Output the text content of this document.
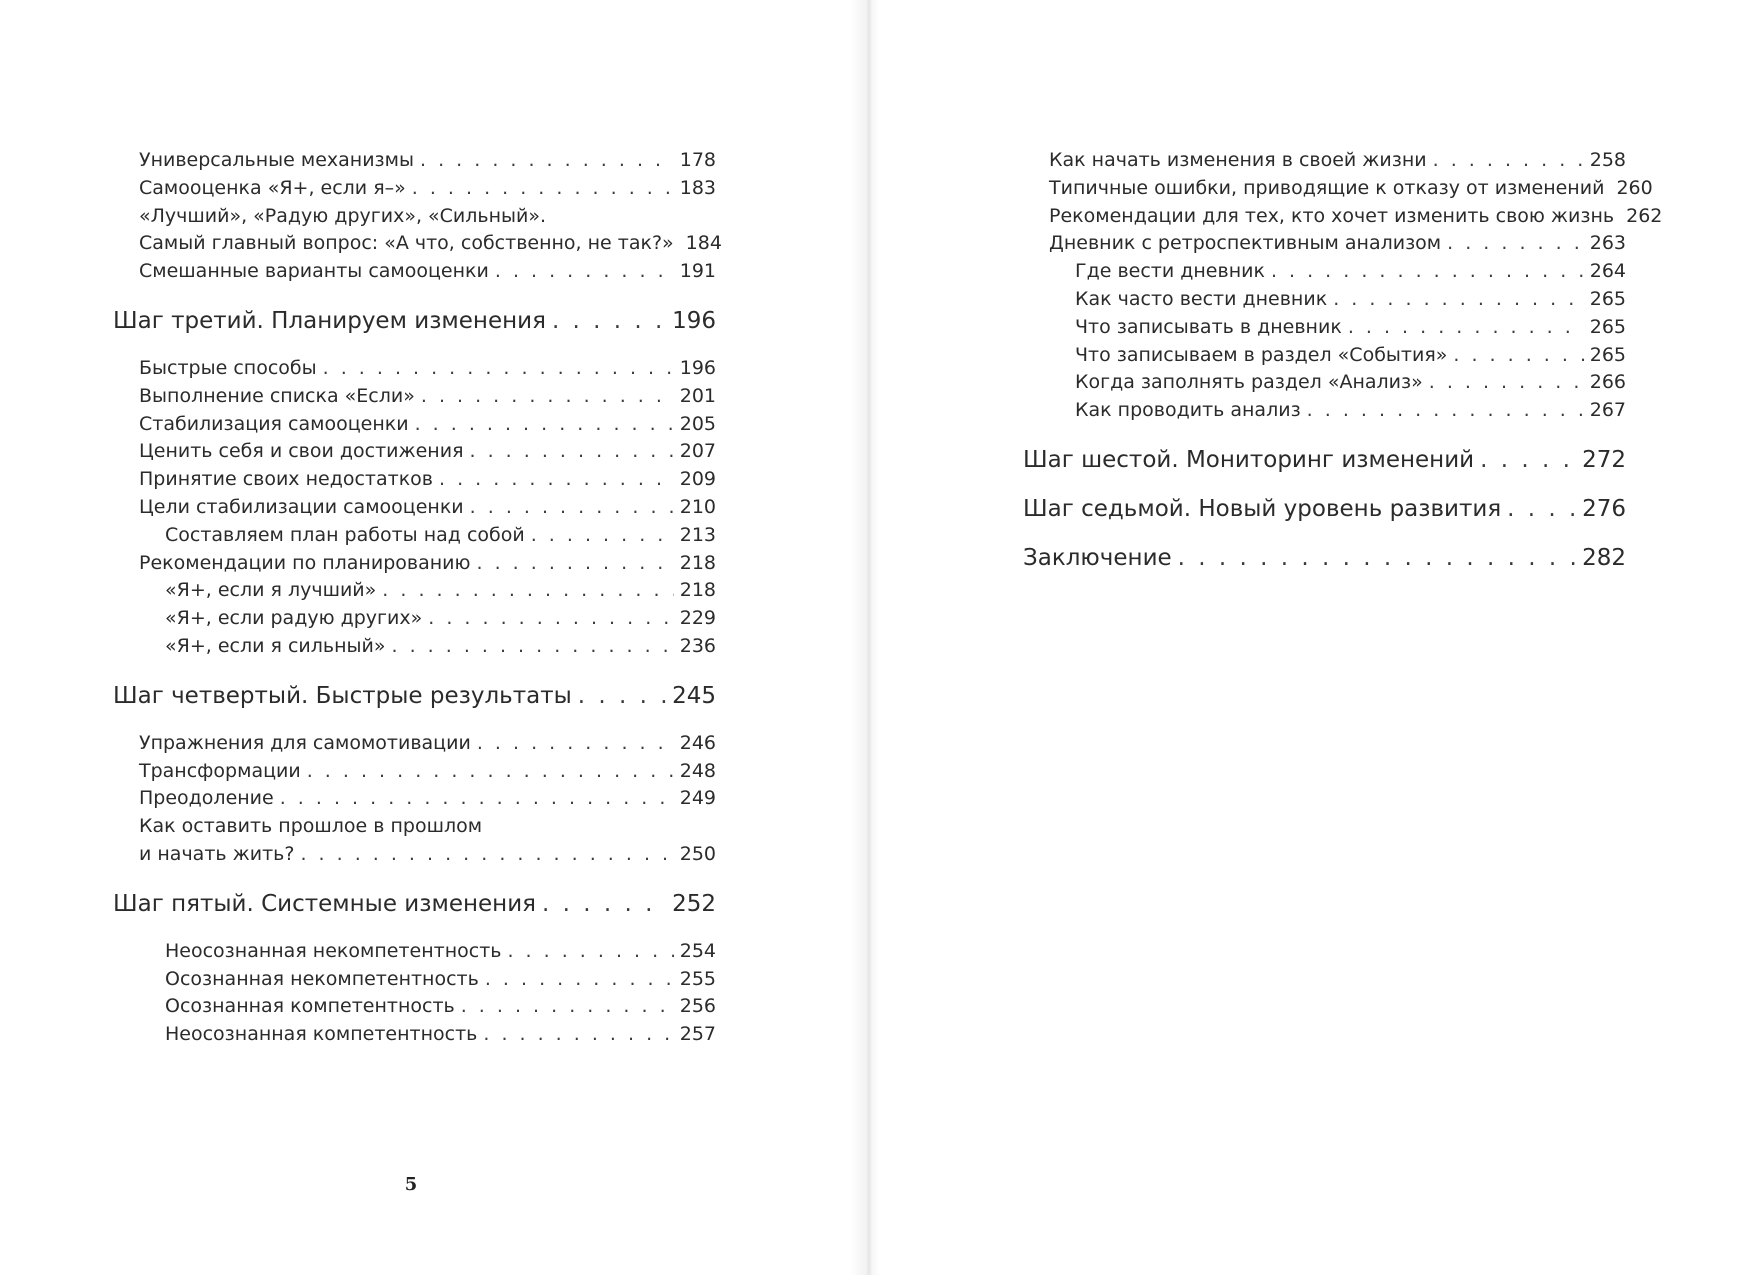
Универсальные механизмы . . .	178
Самооценка «Я+, если я–» . . .	183
«Лучший», «Радую других», «Сильный».
Самый главный вопрос: «А что, собственно, не так?» 184
Смешанные варианты самооценки . . .	191
Шаг третий. Планируем изменения . . .	196
Быстрые способы . . .	196
Выполнение списка «Если» . . .	201
Стабилизация самооценки . . .	205
Ценить себя и свои достижения . . .	207
Принятие своих недостатков . . .	209
Цели стабилизации самооценки . . .	210
Составляем план работы над собой . . .	213
Рекомендации по планированию . . .	218
«Я+, если я лучший» . . .	218
«Я+, если радую других» . . .	229
«Я+, если я сильный» . . .	236
Шаг четвертый. Быстрые результаты . . .	245
Упражнения для самомотивации . . .	246
Трансформации . . .	248
Преодоление . . .	249
Как оставить прошлое в прошлом
и начать жить? . . .	250
Шаг пятый. Системные изменения . . .	252
Неосознанная некомпетентность . . .	254
Осознанная некомпетентность . . .	255
Осознанная компетентность . . .	256
Неосознанная компетентность . . .	257
5
Как начать изменения в своей жизни . . .	258
Типичные ошибки, приводящие к отказу от изменений 260
Рекомендации для тех, кто хочет изменить свою жизнь 262
Дневник с ретроспективным анализом . . .	263
Где вести дневник . . .	264
Как часто вести дневник . . .	265
Что записывать в дневник . . .	265
Что записываем в раздел «События» . . .	265
Когда заполнять раздел «Анализ» . . .	266
Как проводить анализ . . .	267
Шаг шестой. Мониторинг изменений . . .	272
Шаг седьмой. Новый уровень развития . . .	276
Заключение . . .	282
